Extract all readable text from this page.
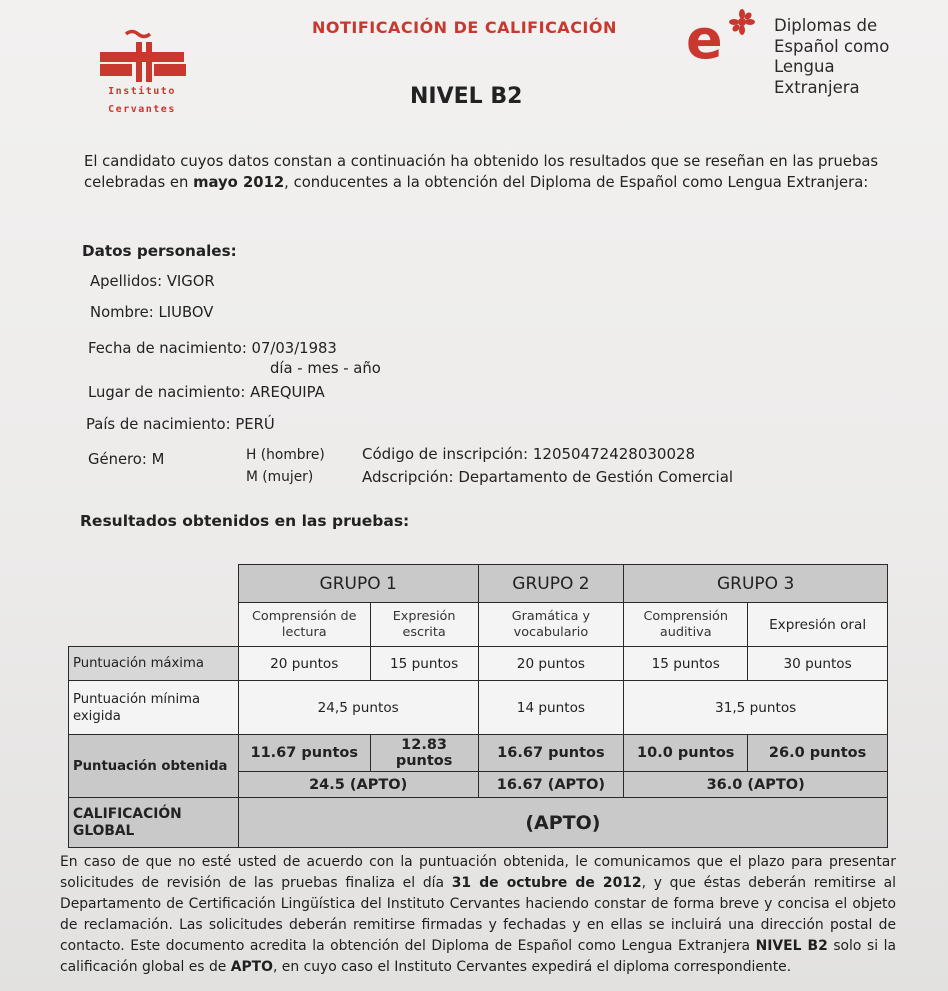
Instituto
Cervantes
NOTIFICACIÓN DE CALIFICACIÓN
NIVEL B2
e	Diplomas de
Español como
Lengua
Extranjera
El candidato cuyos datos constan a continuación ha obtenido los resultados que se reseñan en las pruebas celebradas en mayo 2012, conducentes a la obtención del Diploma de Español como Lengua Extranjera:
Datos personales:
Apellidos: VIGOR
Nombre: LIUBOV
Fecha de nacimiento: 07/03/1983
día - mes - año
Lugar de nacimiento: AREQUIPA
País de nacimiento: PERÚ
Género: M	H (hombre)
M (mujer)
Código de inscripción: 12050472428030028
Adscripción: Departamento de Gestión Comercial
Resultados obtenidos en las pruebas:
	GRUPO 1		GRUPO 2	GRUPO 3	
	Comprensión de lectura	Expresión escrita	Gramática y vocabulario	Comprensión auditiva	Expresión oral
Puntuación máxima	20 puntos	15 puntos	20 puntos	15 puntos	30 puntos
Puntuación mínima exigida	24,5 puntos		14 puntos	31,5 puntos	
Puntuación obtenida	11.67 puntos	12.83 puntos	16.67 puntos	10.0 puntos	26.0 puntos
	24.5 (APTO)		16.67 (APTO)	36.0 (APTO)	
CALIFICACIÓN GLOBAL	(APTO)				
En caso de que no esté usted de acuerdo con la puntuación obtenida, le comunicamos que el plazo para presentar solicitudes de revisión de las pruebas finaliza el día 31 de octubre de 2012, y que éstas deberán remitirse al Departamento de Certificación Lingüística del Instituto Cervantes haciendo constar de forma breve y concisa el objeto de reclamación. Las solicitudes deberán remitirse firmadas y fechadas y en ellas se incluirá una dirección postal de contacto. Este documento acredita la obtención del Diploma de Español como Lengua Extranjera NIVEL B2 solo si la calificación global es de APTO, en cuyo caso el Instituto Cervantes expedirá el diploma correspondiente.
